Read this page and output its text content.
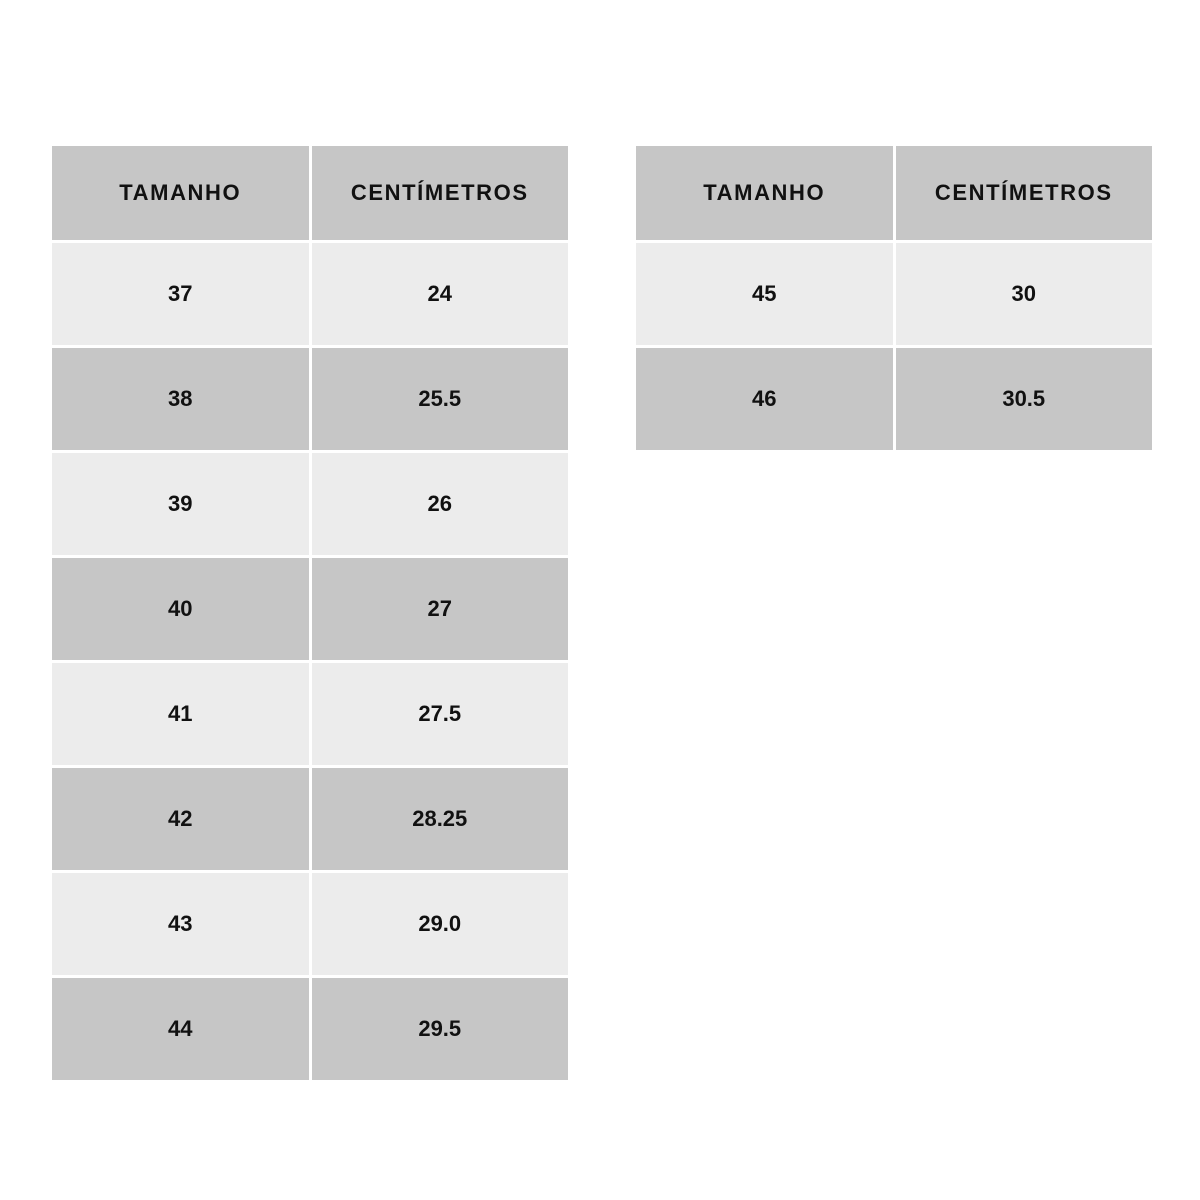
TAMANHO	CENTÍMETROS
37	24
38	25.5
39	26
40	27
41	27.5
42	28.25
43	29.0
44	29.5
TAMANHO	CENTÍMETROS
45	30
46	30.5
